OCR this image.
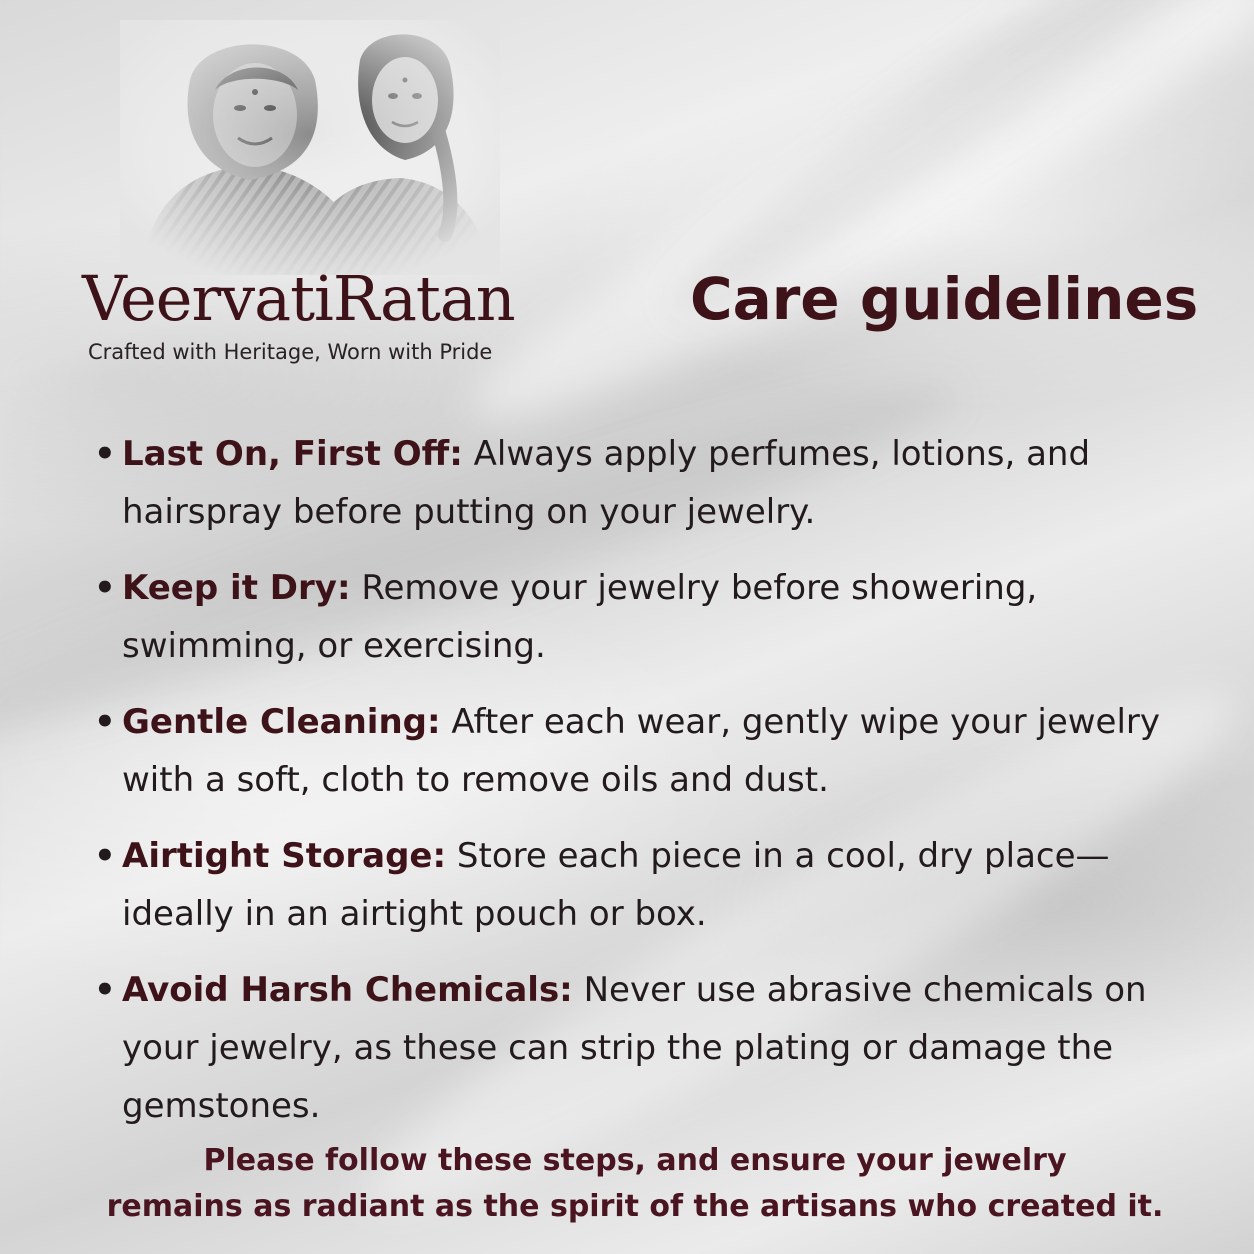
VeervatiRatan
Crafted with Heritage, Worn with Pride
Care guidelines
• Last On, First Off: Always apply perfumes, lotions, and hairspray before putting on your jewelry.
• Keep it Dry: Remove your jewelry before showering, swimming, or exercising.
• Gentle Cleaning: After each wear, gently wipe your jewelry with a soft, cloth to remove oils and dust.
• Airtight Storage: Store each piece in a cool, dry place—ideally in an airtight pouch or box.
• Avoid Harsh Chemicals: Never use abrasive chemicals on your jewelry, as these can strip the plating or damage the gemstones.
Please follow these steps, and ensure your jewelry
remains as radiant as the spirit of the artisans who created it.
